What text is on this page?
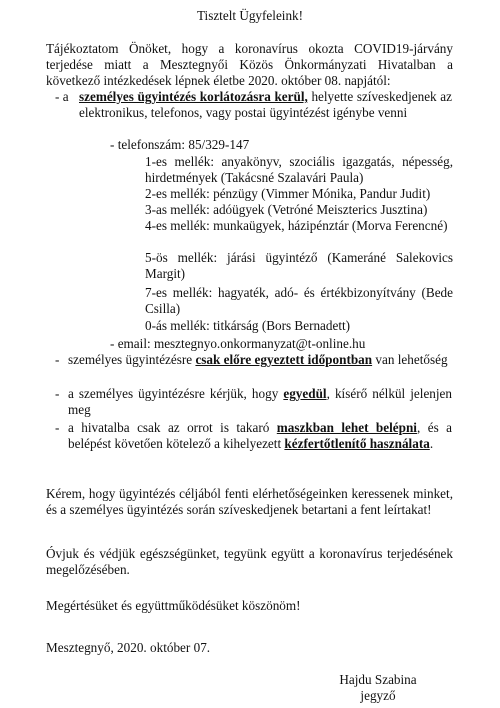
Tisztelt Ügyfeleink!
Tájékoztatom Önöket, hogy a koronavírus okozta COVID19-járvány terjedése miatt a Mesztegnyői Közös Önkormányzati Hivatalban a következő intézkedések lépnek életbe 2020. október 08. napjától:
- a személyes ügyintézés korlátozásra kerül, helyette szíveskedjenek az elektronikus, telefonos, vagy postai ügyintézést igénybe venni
- telefonszám: 85/329-147
1-es mellék: anyakönyv, szociális igazgatás, népesség, hirdetmények (Takácsné Szalavári Paula)
2-es mellék: pénzügy (Vimmer Mónika, Pandur Judit)
3-as mellék: adóügyek (Vetróné Meiszterics Jusztina)
4-es mellék: munkaügyek, házipénztár (Morva Ferencné)
5-ös mellék: járási ügyintéző (Kameráné Salekovics Margit)
7-es mellék: hagyaték, adó- és értékbizonyítvány (Bede Csilla)
0-ás mellék: titkárság (Bors Bernadett)
- email: mesztegnyo.onkormanyzat@t-online.hu
- személyes ügyintézésre csak előre egyeztett időpontban van lehetőség
- a személyes ügyintézésre kérjük, hogy egyedül, kísérő nélkül jelenjen meg
- a hivatalba csak az orrot is takaró maszkban lehet belépni, és a belépést követően kötelező a kihelyezett kézfertőtlenítő használata.
Kérem, hogy ügyintézés céljából fenti elérhetőségeinken keressenek minket, és a személyes ügyintézés során szíveskedjenek betartani a fent leírtakat!
Óvjuk és védjük egészségünket, tegyünk együtt a koronavírus terjedésének megelőzésében.
Megértésüket és együttműködésüket köszönöm!
Mesztegnyő, 2020. október 07.
Hajdu Szabina
jegyző
